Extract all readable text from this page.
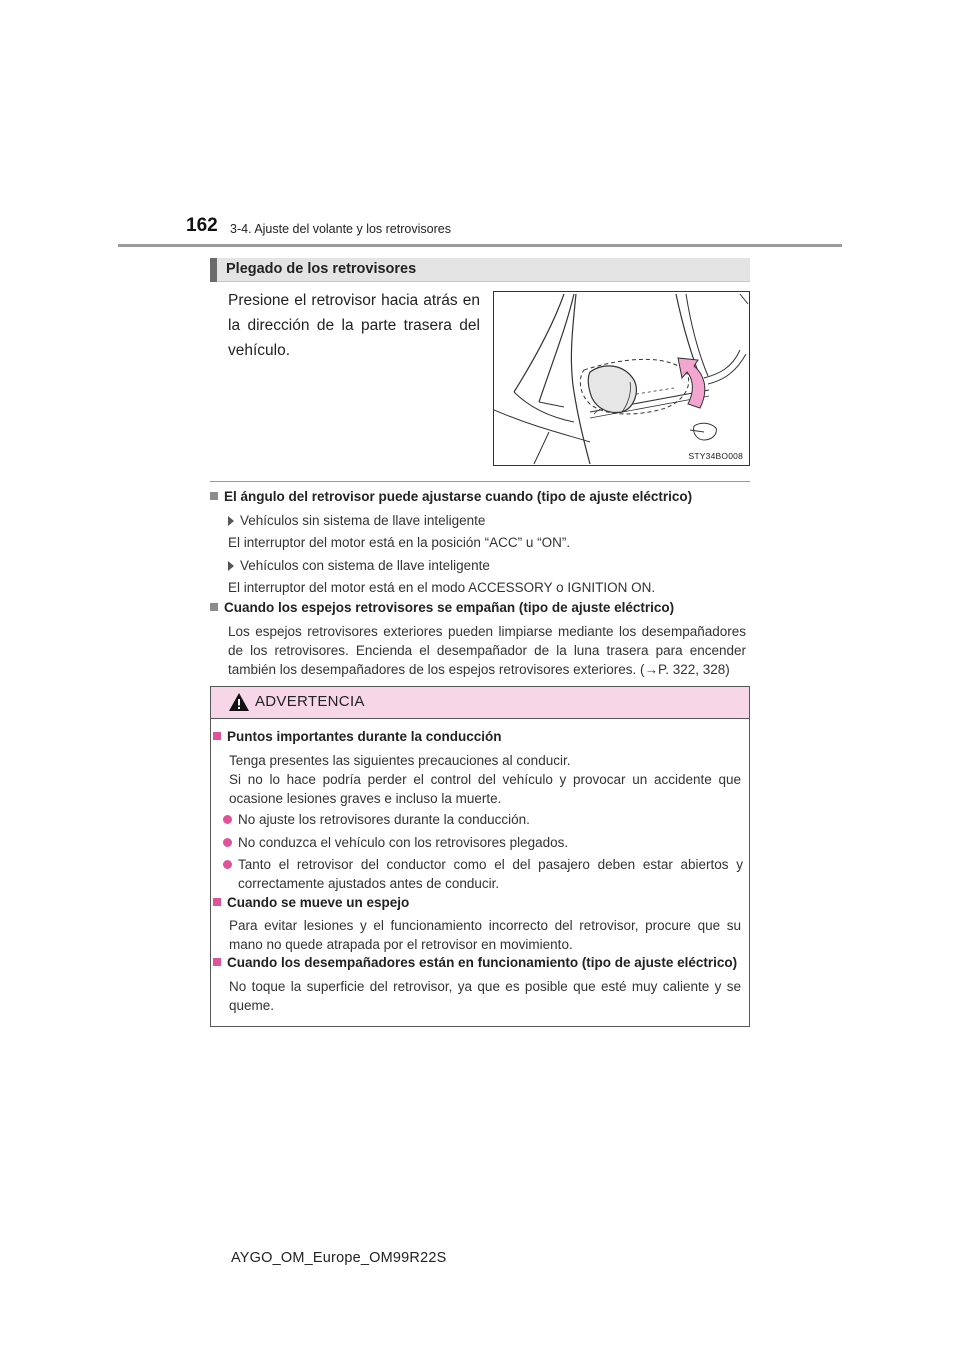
162 3-4. Ajuste del volante y los retrovisores
Plegado de los retrovisores
Presione el retrovisor hacia atrás en la dirección de la parte trasera del vehículo.
STY34BO008
El ángulo del retrovisor puede ajustarse cuando (tipo de ajuste eléctrico)
Vehículos sin sistema de llave inteligente
El interruptor del motor está en la posición “ACC” u “ON”.
Vehículos con sistema de llave inteligente
El interruptor del motor está en el modo ACCESSORY o IGNITION ON.
Cuando los espejos retrovisores se empañan (tipo de ajuste eléctrico)
Los espejos retrovisores exteriores pueden limpiarse mediante los desempañadores de los retrovisores. Encienda el desempañador de la luna trasera para encender también los desempañadores de los espejos retrovisores exteriores. (→P. 322, 328)
ADVERTENCIA
Puntos importantes durante la conducción
Tenga presentes las siguientes precauciones al conducir.
Si no lo hace podría perder el control del vehículo y provocar un accidente que ocasione lesiones graves e incluso la muerte.
No ajuste los retrovisores durante la conducción.
No conduzca el vehículo con los retrovisores plegados.
Tanto el retrovisor del conductor como el del pasajero deben estar abiertos y correctamente ajustados antes de conducir.
Cuando se mueve un espejo
Para evitar lesiones y el funcionamiento incorrecto del retrovisor, procure que su mano no quede atrapada por el retrovisor en movimiento.
Cuando los desempañadores están en funcionamiento (tipo de ajuste eléctrico)
No toque la superficie del retrovisor, ya que es posible que esté muy caliente y se queme.
AYGO_OM_Europe_OM99R22S
